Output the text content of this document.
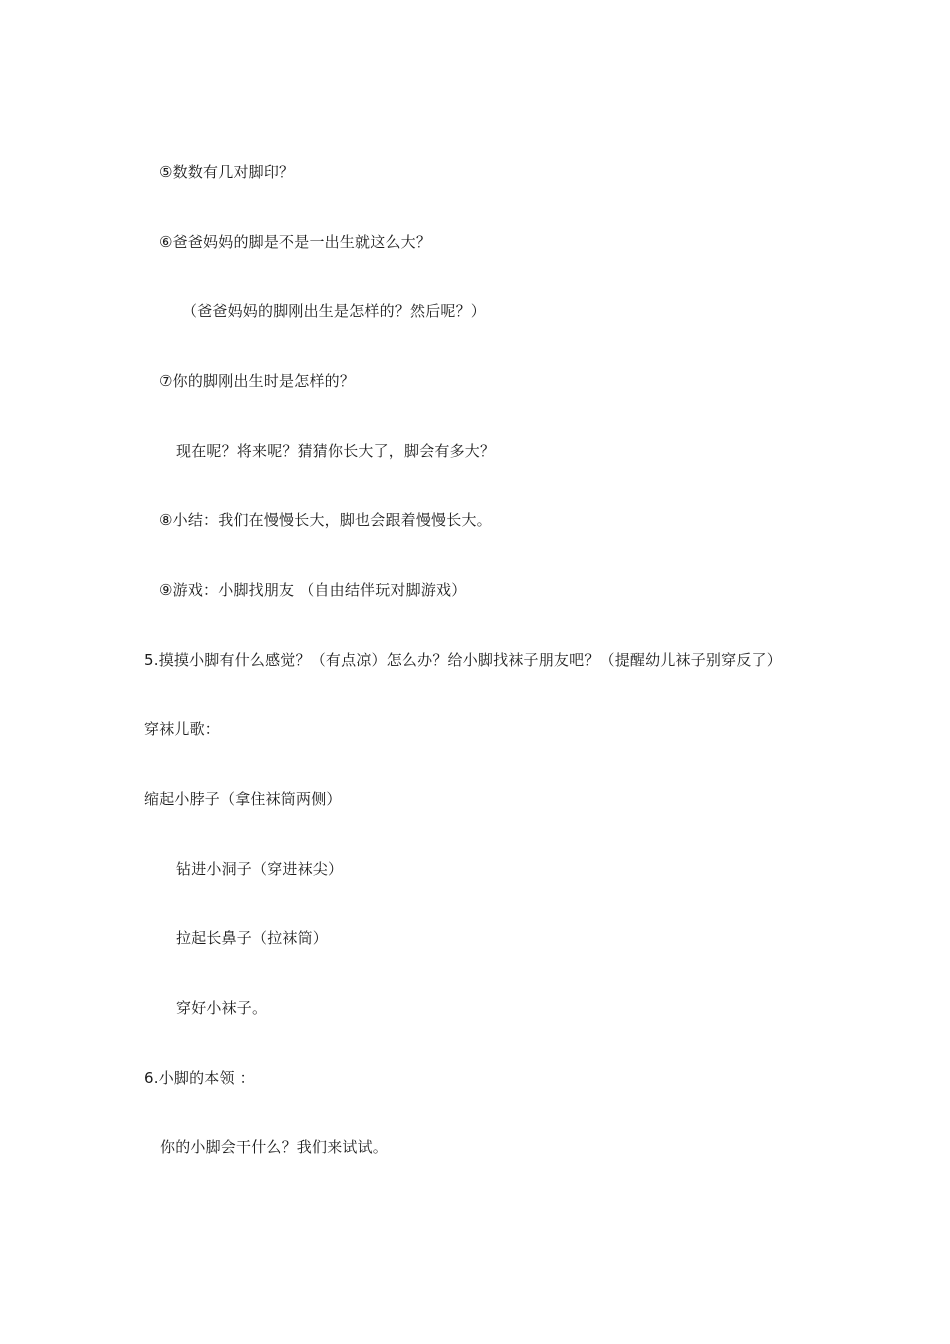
⑤数数有几对脚印？
⑥爸爸妈妈的脚是不是一出生就这么大？
（爸爸妈妈的脚刚出生是怎样的？然后呢？）
⑦你的脚刚出生时是怎样的？
现在呢？将来呢？猜猜你长大了，脚会有多大？
⑧小结：我们在慢慢长大，脚也会跟着慢慢长大。
⑨游戏：小脚找朋友 （自由结伴玩对脚游戏）
5.摸摸小脚有什么感觉？（有点凉）怎么办？给小脚找袜子朋友吧？（提醒幼儿袜子别穿反了）
穿袜儿歌：
缩起小脖子（拿住袜筒两侧）
钻进小洞子（穿进袜尖）
拉起长鼻子（拉袜筒）
穿好小袜子。
6.小脚的本领 ：
你的小脚会干什么？我们来试试。
